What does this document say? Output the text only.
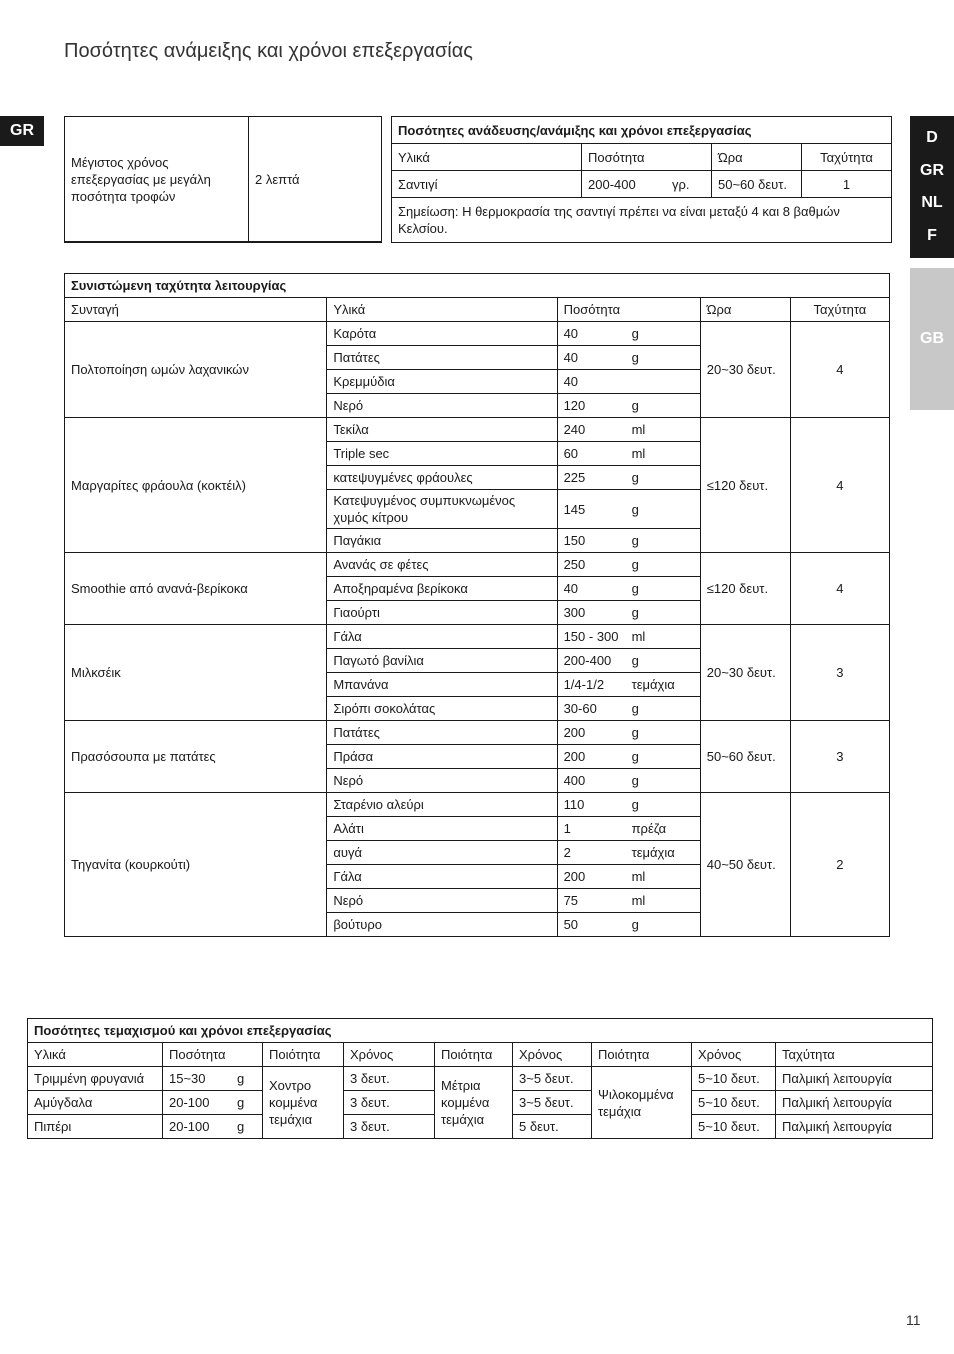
Ποσότητες ανάμειξης και χρόνοι επεξεργασίας
GR	D
GR
NL
F
GB
Μέγιστος χρόνος επεξεργασίας με μεγάλη ποσότητα τροφών	2 λεπτά
Ποσότητες ανάδευσης/ανάμιξης και χρόνοι επεξεργασίας			
Υλικά	Ποσότητα	Ώρα	Ταχύτητα
Σαντιγί	200-400 γρ.	50~60 δευτ.	1
Σημείωση: Η θερμοκρασία της σαντιγί πρέπει να είναι μεταξύ 4 και 8 βαθμών Κελσίου.			
Συνιστώμενη ταχύτητα λειτουργίας				
Συνταγή	Υλικά	Ποσότητα	Ώρα	Ταχύτητα
Πολτοποίηση ωμών λαχανικών	Καρότα	40 g	20~30 δευτ.	4
	Πατάτες	40 g		
	Κρεμμύδια	40		
	Νερό	120 g		
Μαργαρίτες φράουλα (κοκτέιλ)	Τεκίλα	240 ml	≤120 δευτ.	4
	Triple sec	60 ml		
	κατεψυγμένες φράουλες	225 g		
	Κατεψυγμένος συμπυκνωμένος χυμός κίτρου	145 g		
	Παγάκια	150 g		
Smoothie από ανανά-βερίκοκα	Ανανάς σε φέτες	250 g	≤120 δευτ.	4
	Αποξηραμένα βερίκοκα	40 g		
	Γιαούρτι	300 g		
Μιλκσέικ	Γάλα	150 - 300 ml	20~30 δευτ.	3
	Παγωτό βανίλια	200-400 g		
	Μπανάνα	1/4-1/2 τεμάχια		
	Σιρόπι σοκολάτας	30-60 g		
Πρασόσουπα με πατάτες	Πατάτες	200 g	50~60 δευτ.	3
	Πράσα	200 g		
	Νερό	400 g		
Τηγανίτα (κουρκούτι)	Σταρένιο αλεύρι	110 g	40~50 δευτ.	2
	Αλάτι	1 πρέζα		
	αυγά	2 τεμάχια		
	Γάλα	200 ml		
	Νερό	75 ml		
	βούτυρο	50 g		
Ποσότητες τεμαχισμού και χρόνοι επεξεργασίας								
Υλικά	Ποσότητα	Ποιότητα	Χρόνος	Ποιότητα	Χρόνος	Ποιότητα	Χρόνος	Ταχύτητα
Τριμμένη φρυγανιά	15~30 g	Χοντρο κομμένα τεμάχια	3 δευτ.	Μέτρια κομμένα τεμάχια	3~5 δευτ.	Ψιλοκομμένα τεμάχια	5~10 δευτ.	Παλμική λειτουργία
Αμύγδαλα	20-100 g		3 δευτ.		3~5 δευτ.		5~10 δευτ.	Παλμική λειτουργία
Πιπέρι	20-100 g		3 δευτ.		5 δευτ.		5~10 δευτ.	Παλμική λειτουργία
11
